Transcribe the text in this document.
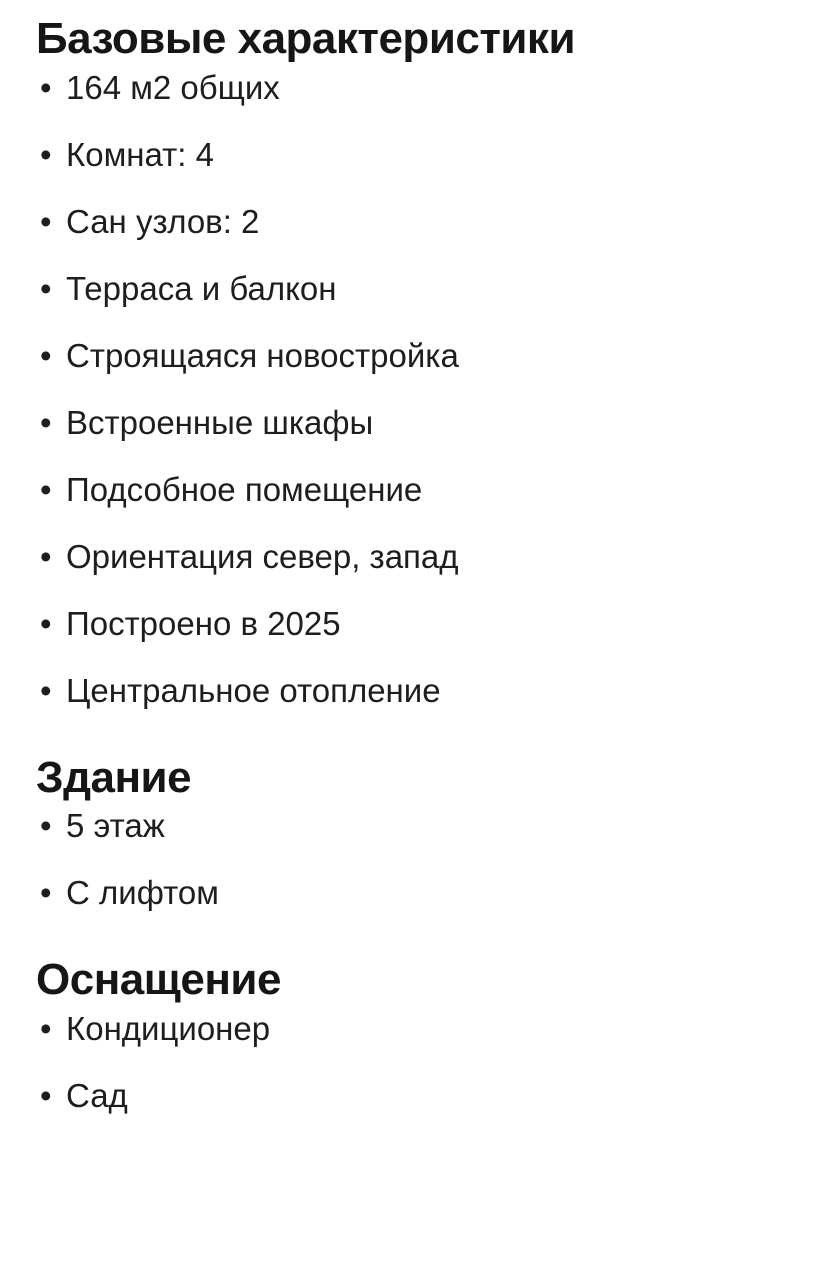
Базовые характеристики
• 164 м2 общих
• Комнат: 4
• Сан узлов: 2
• Терраса и балкон
• Строящаяся новостройка
• Встроенные шкафы
• Подсобное помещение
• Ориентация север, запад
• Построено в 2025
• Центральное отопление
Здание
• 5 этаж
• С лифтом
Оснащение
• Кондиционер
• Сад
